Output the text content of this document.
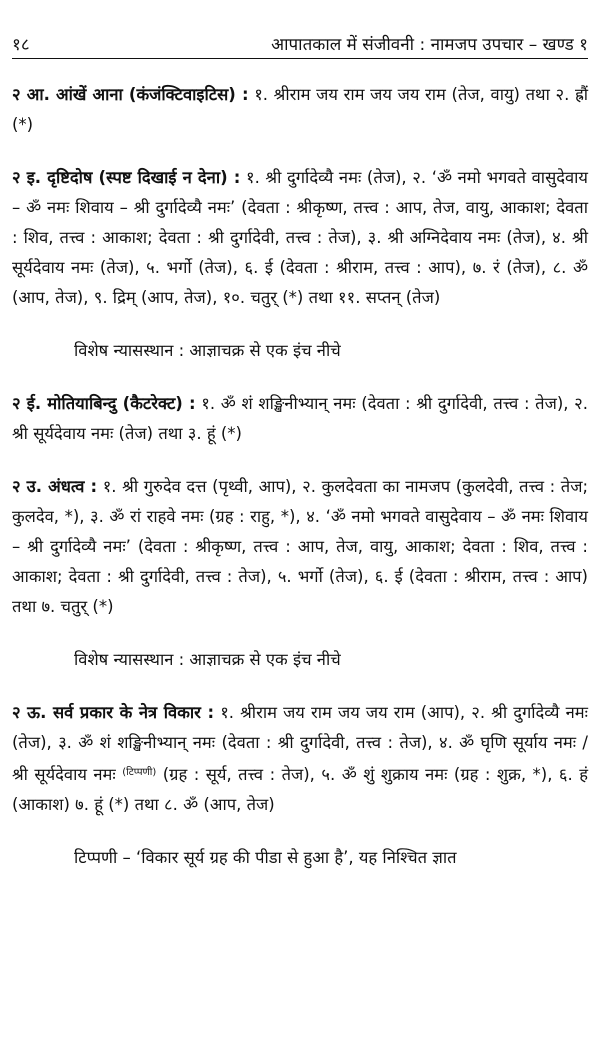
१८	आपातकाल में संजीवनी : नामजप उपचार – खण्ड १

२ आ. आंखें आना (कंजंक्टिवाइटिस) : १. श्रीराम जय राम जय जय राम (तेज, वायु) तथा २. ह्रौं (*)

२ इ. दृष्टिदोष (स्पष्ट दिखाई न देना) : १. श्री दुर्गादेव्यै नमः (तेज), २. ‘ॐ नमो भगवते वासुदेवाय – ॐ नमः शिवाय – श्री दुर्गादेव्यै नमः’ (देवता : श्रीकृष्ण, तत्त्व : आप, तेज, वायु, आकाश; देवता : शिव, तत्त्व : आकाश; देवता : श्री दुर्गादेवी, तत्त्व : तेज), ३. श्री अग्निदेवाय नमः (तेज), ४. श्री सूर्यदेवाय नमः (तेज), ५. भर्गो (तेज), ६. ई (देवता : श्रीराम, तत्त्व : आप), ७. रं (तेज), ८. ॐ (आप, तेज), ९. द्रिम् (आप, तेज), १०. चतुर् (*) तथा ११. सप्तन् (तेज)

विशेष न्यासस्थान : आज्ञाचक्र से एक इंच नीचे

२ ई. मोतियाबिन्दु (कैटरेक्ट) : १. ॐ शं शङ्खिनीभ्यान् नमः (देवता : श्री दुर्गादेवी, तत्त्व : तेज), २. श्री सूर्यदेवाय नमः (तेज) तथा ३. हूं (*)

२ उ. अंधत्व : १. श्री गुरुदेव दत्त (पृथ्वी, आप), २. कुलदेवता का नामजप (कुलदेवी, तत्त्व : तेज; कुलदेव, *), ३. ॐ रां राहवे नमः (ग्रह : राहु, *), ४. ‘ॐ नमो भगवते वासुदेवाय – ॐ नमः शिवाय – श्री दुर्गादेव्यै नमः’ (देवता : श्रीकृष्ण, तत्त्व : आप, तेज, वायु, आकाश; देवता : शिव, तत्त्व : आकाश; देवता : श्री दुर्गादेवी, तत्त्व : तेज), ५. भर्गो (तेज), ६. ई (देवता : श्रीराम, तत्त्व : आप) तथा ७. चतुर् (*)

विशेष न्यासस्थान : आज्ञाचक्र से एक इंच नीचे

२ ऊ. सर्व प्रकार के नेत्र विकार : १. श्रीराम जय राम जय जय राम (आप), २. श्री दुर्गादेव्यै नमः (तेज), ३. ॐ शं शङ्खिनीभ्यान् नमः (देवता : श्री दुर्गादेवी, तत्त्व : तेज), ४. ॐ घृणि सूर्याय नमः / श्री सूर्यदेवाय नमः $^{(टिप्पणी)}$ (ग्रह : सूर्य, तत्त्व : तेज), ५. ॐ शुं शुक्राय नमः (ग्रह : शुक्र, *), ६. हं (आकाश) ७. हूं (*) तथा ८. ॐ (आप, तेज)

टिप्पणी – ‘विकार सूर्य ग्रह की पीडा से हुआ है’, यह निश्चित ज्ञात
